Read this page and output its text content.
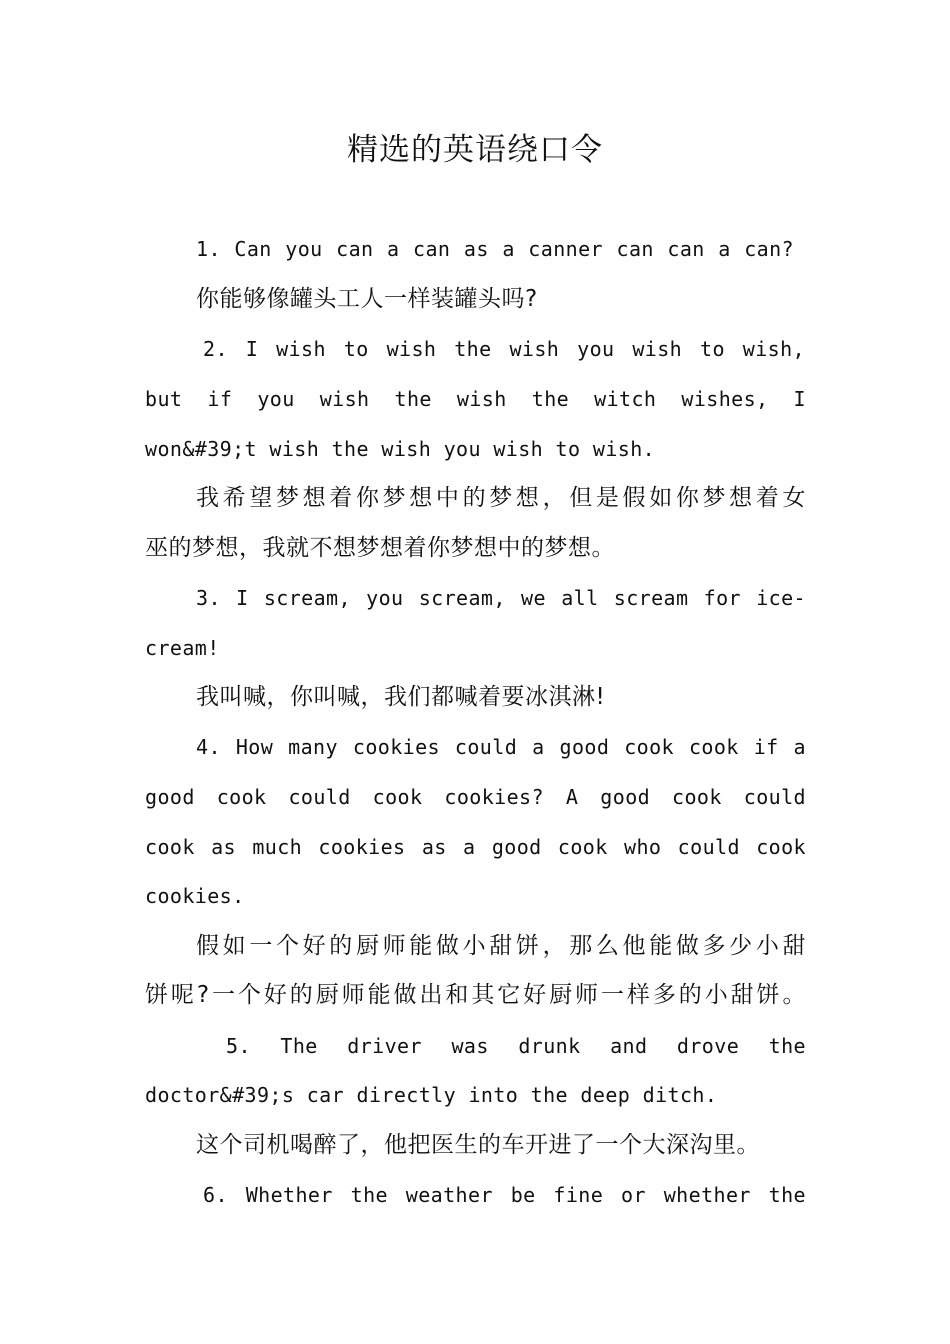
精选的英语绕口令
1. Can you can a can as a canner can can a can?
你能够像罐头工人一样装罐头吗?
2. I wish to wish the wish you wish to wish,
but if you wish the wish the witch wishes, I
won&#39;t wish the wish you wish to wish.
我希望梦想着你梦想中的梦想，但是假如你梦想着女
巫的梦想，我就不想梦想着你梦想中的梦想。
3. I scream, you scream, we all scream for ice-
cream!
我叫喊，你叫喊，我们都喊着要冰淇淋!
4. How many cookies could a good cook cook if a
good cook could cook cookies? A good cook could
cook as much cookies as a good cook who could cook
cookies.
假如一个好的厨师能做小甜饼，那么他能做多少小甜
饼呢?一个好的厨师能做出和其它好厨师一样多的小甜饼。
5. The driver was drunk and drove the
doctor&#39;s car directly into the deep ditch.
这个司机喝醉了，他把医生的车开进了一个大深沟里。
6. Whether the weather be fine or whether the
